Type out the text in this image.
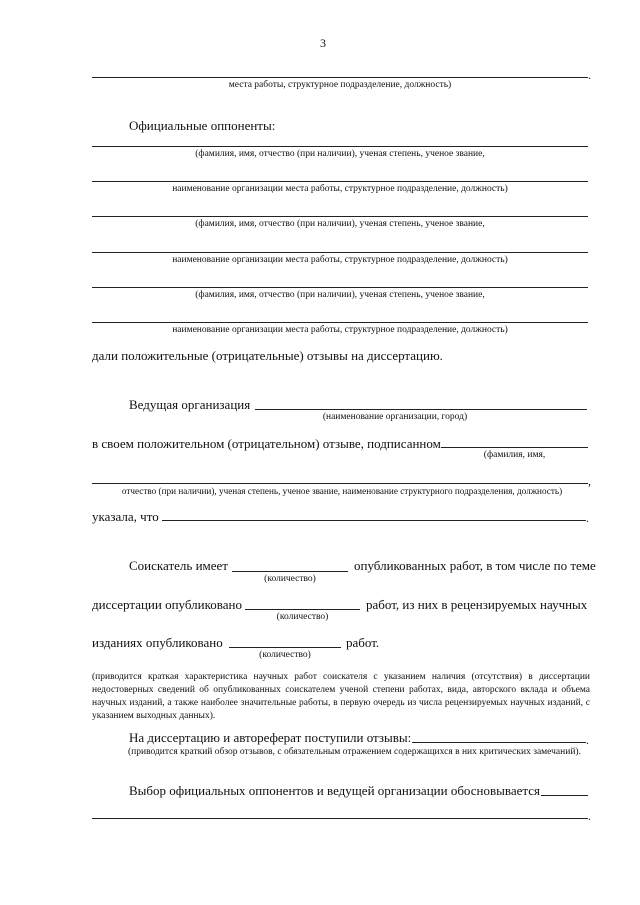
3
.
места работы, структурное подразделение, должность)
Официальные оппоненты:
(фамилия, имя, отчество (при наличии), ученая степень, ученое звание,
наименование организации места работы, структурное подразделение, должность)
(фамилия, имя, отчество (при наличии), ученая степень, ученое звание,
наименование организации места работы, структурное подразделение, должность)
(фамилия, имя, отчество (при наличии), ученая степень, ученое звание,
наименование организации места работы, структурное подразделение, должность)
дали положительные (отрицательные) отзывы на диссертацию.
Ведущая организация
(наименование организации, город)
в своем положительном (отрицательном) отзыве, подписанном
(фамилия, имя,
,
отчество (при наличии), ученая степень, ученое звание, наименование структурного подразделения, должность)
указала, что	.
Соискатель имеет	опубликованных работ, в том числе по теме
(количество)
диссертации опубликовано	работ, из них в рецензируемых научных
(количество)
изданиях опубликовано	работ.
(количество)
(приводится краткая характеристика научных работ соискателя с указанием наличия (отсутствия) в диссертации недостоверных сведений об опубликованных соискателем ученой степени работах, вида, авторского вклада и объема научных изданий, а также наиболее значительные работы, в первую очередь из числа рецензируемых научных изданий, с указанием выходных данных).
На диссертацию и автореферат поступили отзывы:	.
(приводится краткий обзор отзывов, с обязательным отражением содержащихся в них критических замечаний).
Выбор официальных оппонентов и ведущей организации обосновывается
.
